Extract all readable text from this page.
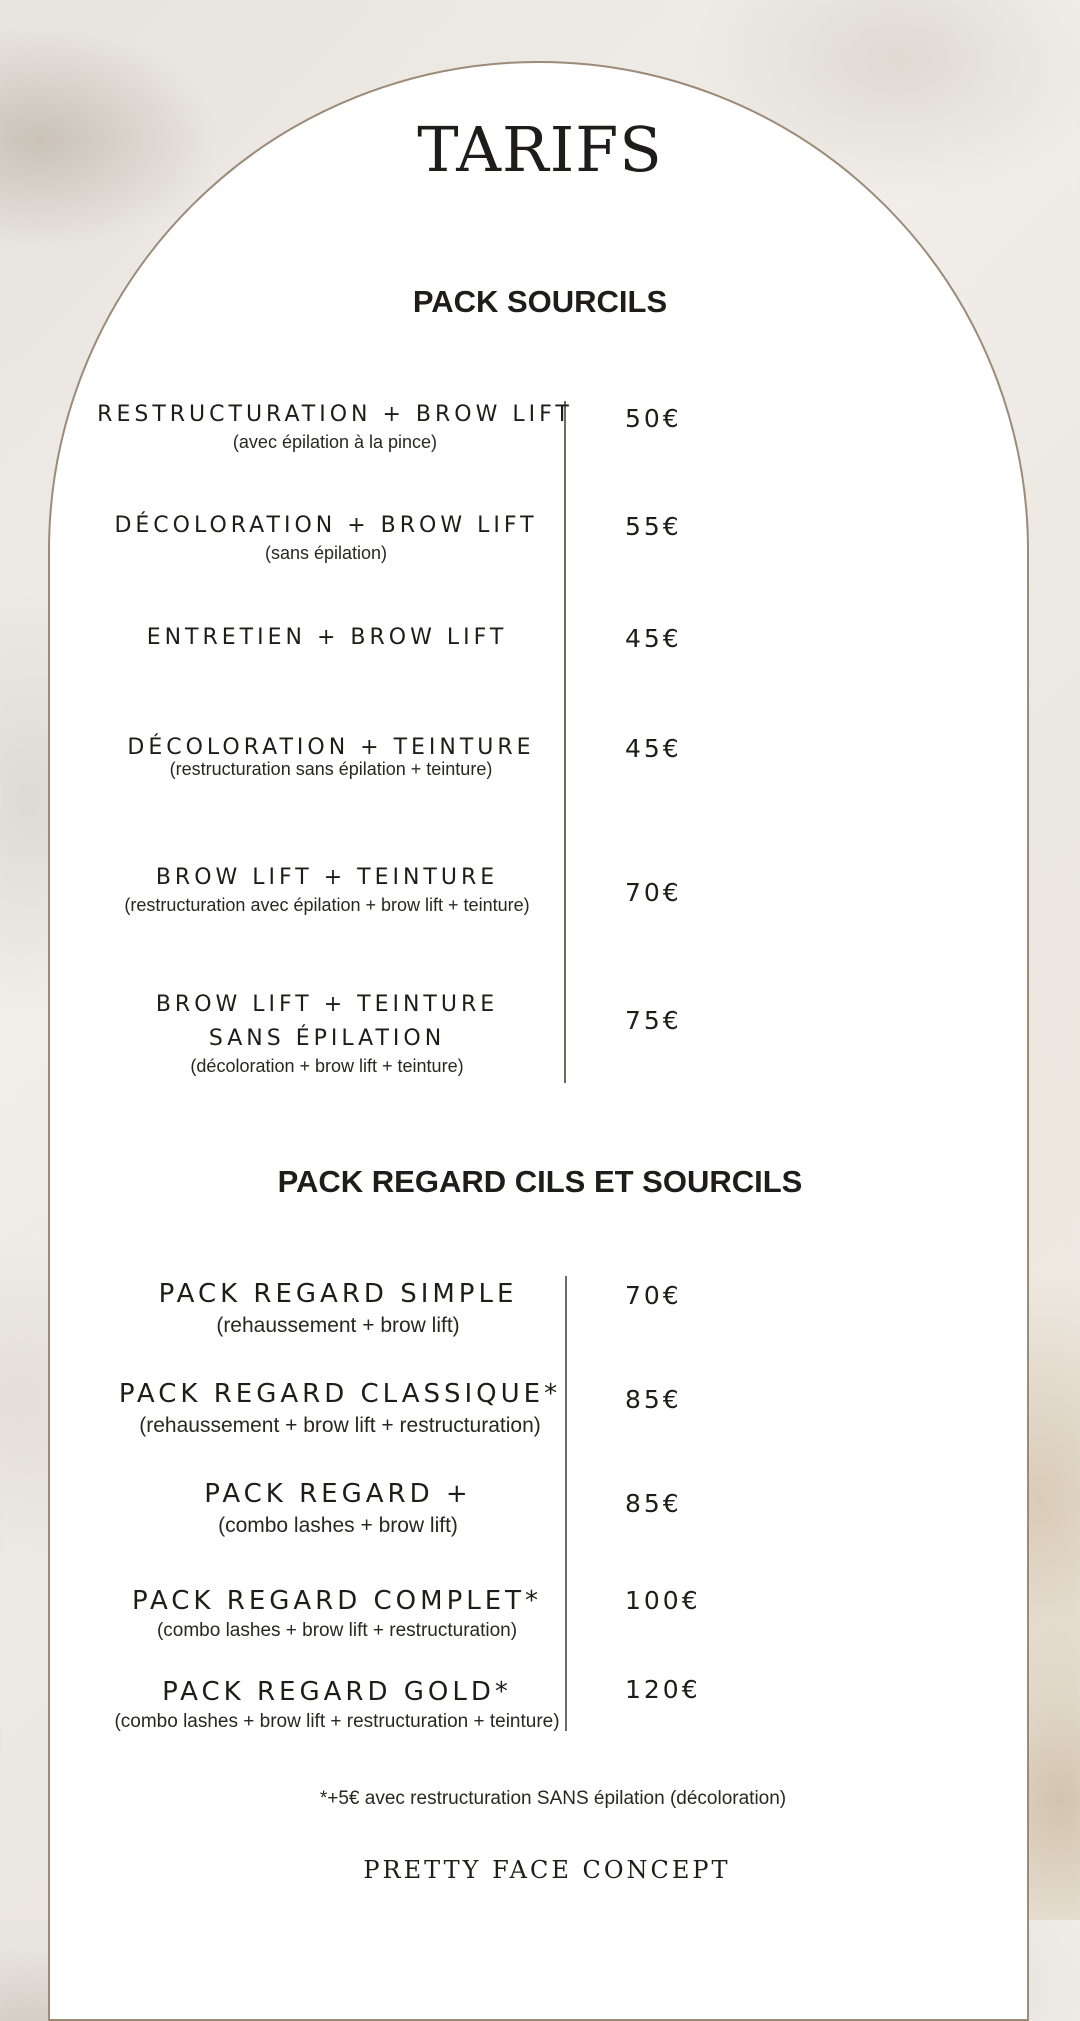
TARIFS
PACK SOURCILS
RESTRUCTURATION + BROW LIFT
(avec épilation à la pince)
50€
DÉCOLORATION + BROW LIFT
(sans épilation)
55€
ENTRETIEN + BROW LIFT	45€
DÉCOLORATION + TEINTURE
(restructuration sans épilation + teinture)
45€
BROW LIFT + TEINTURE
(restructuration avec épilation + brow lift + teinture)	70€
BROW LIFT + TEINTURE
SANS ÉPILATION
(décoloration + brow lift + teinture)
75€
PACK REGARD CILS ET SOURCILS
PACK REGARD SIMPLE
(rehaussement + brow lift)
70€
PACK REGARD CLASSIQUE*
(rehaussement + brow lift + restructuration)
85€
PACK REGARD +
(combo lashes + brow lift)
85€
PACK REGARD COMPLET*
(combo lashes + brow lift + restructuration)
100€
PACK REGARD GOLD*
(combo lashes + brow lift + restructuration + teinture)
120€
*+5€ avec restructuration SANS épilation (décoloration)
PRETTY FACE CONCEPT
